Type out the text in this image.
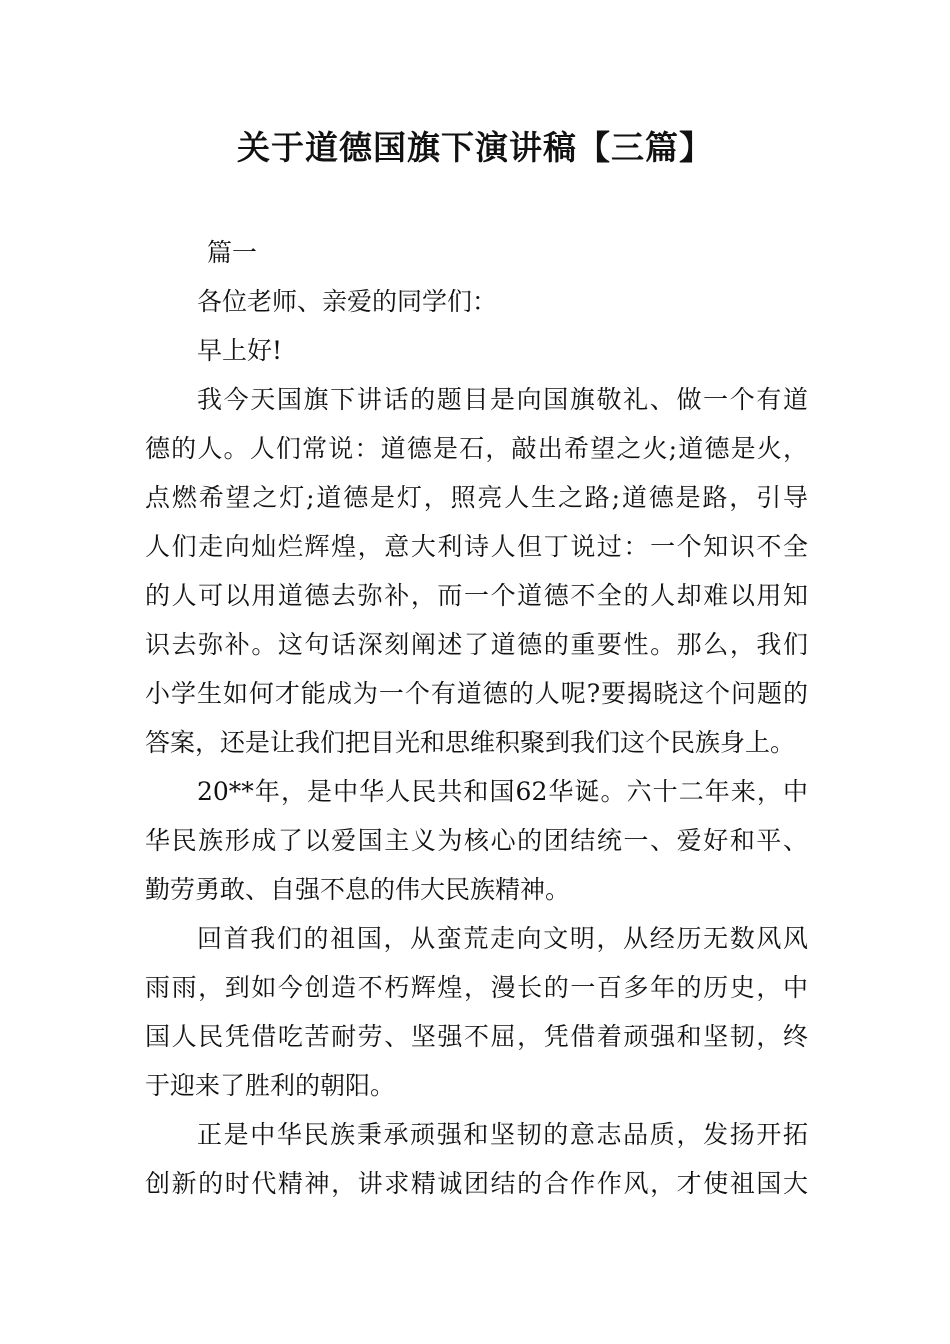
关于道德国旗下演讲稿【三篇】
篇一
各位老师、亲爱的同学们：
早上好!
我今天国旗下讲话的题目是向国旗敬礼、做一个有道
德的人。人们常说：道德是石，敲出希望之火;道德是火，
点燃希望之灯;道德是灯，照亮人生之路;道德是路，引导
人们走向灿烂辉煌，意大利诗人但丁说过：一个知识不全
的人可以用道德去弥补，而一个道德不全的人却难以用知
识去弥补。这句话深刻阐述了道德的重要性。那么，我们
小学生如何才能成为一个有道德的人呢?要揭晓这个问题的
答案，还是让我们把目光和思维积聚到我们这个民族身上。
20**年，是中华人民共和国62华诞。六十二年来，中
华民族形成了以爱国主义为核心的团结统一、爱好和平、
勤劳勇敢、自强不息的伟大民族精神。
回首我们的祖国，从蛮荒走向文明，从经历无数风风
雨雨，到如今创造不朽辉煌，漫长的一百多年的历史，中
国人民凭借吃苦耐劳、坚强不屈，凭借着顽强和坚韧，终
于迎来了胜利的朝阳。
正是中华民族秉承顽强和坚韧的意志品质，发扬开拓
创新的时代精神，讲求精诚团结的合作作风，才使祖国大
